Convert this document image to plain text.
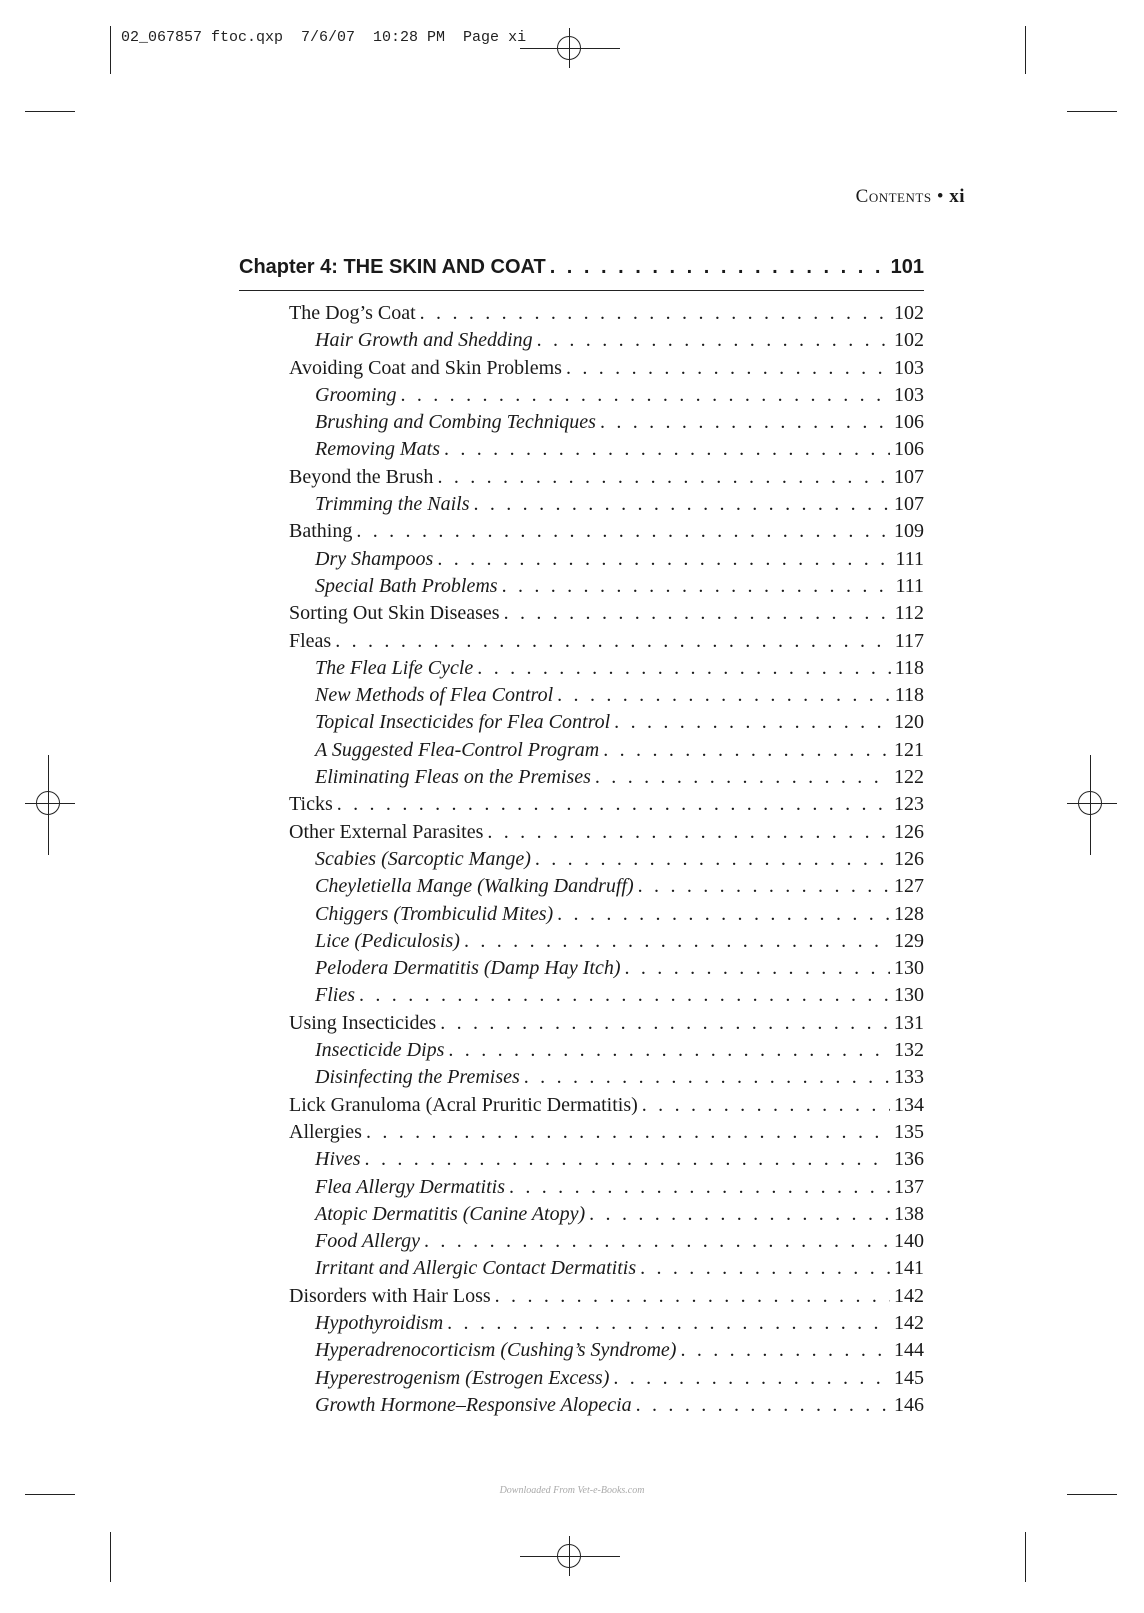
02_067857 ftoc.qxp  7/6/07  10:28 PM  Page xi
Contents • xi
Chapter 4: THE SKIN AND COAT . . .	101
The Dog’s Coat . . .	102
Hair Growth and Shedding . . .	102
Avoiding Coat and Skin Problems . . .	103
Grooming . . .	103
Brushing and Combing Techniques . . .	106
Removing Mats . . .	106
Beyond the Brush . . .	107
Trimming the Nails . . .	107
Bathing . . .	109
Dry Shampoos . . .	111
Special Bath Problems . . .	111
Sorting Out Skin Diseases . . .	112
Fleas . . .	117
The Flea Life Cycle . . .	118
New Methods of Flea Control . . .	118
Topical Insecticides for Flea Control . . .	120
A Suggested Flea-Control Program . . .	121
Eliminating Fleas on the Premises . . .	122
Ticks . . .	123
Other External Parasites . . .	126
Scabies (Sarcoptic Mange) . . .	126
Cheyletiella Mange (Walking Dandruff) . . .	127
Chiggers (Trombiculid Mites) . . .	128
Lice (Pediculosis) . . .	129
Pelodera Dermatitis (Damp Hay Itch) . . .	130
Flies . . .	130
Using Insecticides . . .	131
Insecticide Dips . . .	132
Disinfecting the Premises . . .	133
Lick Granuloma (Acral Pruritic Dermatitis) . . .	134
Allergies . . .	135
Hives . . .	136
Flea Allergy Dermatitis . . .	137
Atopic Dermatitis (Canine Atopy) . . .	138
Food Allergy . . .	140
Irritant and Allergic Contact Dermatitis . . .	141
Disorders with Hair Loss . . .	142
Hypothyroidism . . .	142
Hyperadrenocorticism (Cushing’s Syndrome) . . .	144
Hyperestrogenism (Estrogen Excess) . . .	145
Growth Hormone–Responsive Alopecia . . .	146
Downloaded From Vet-e-Books.com
